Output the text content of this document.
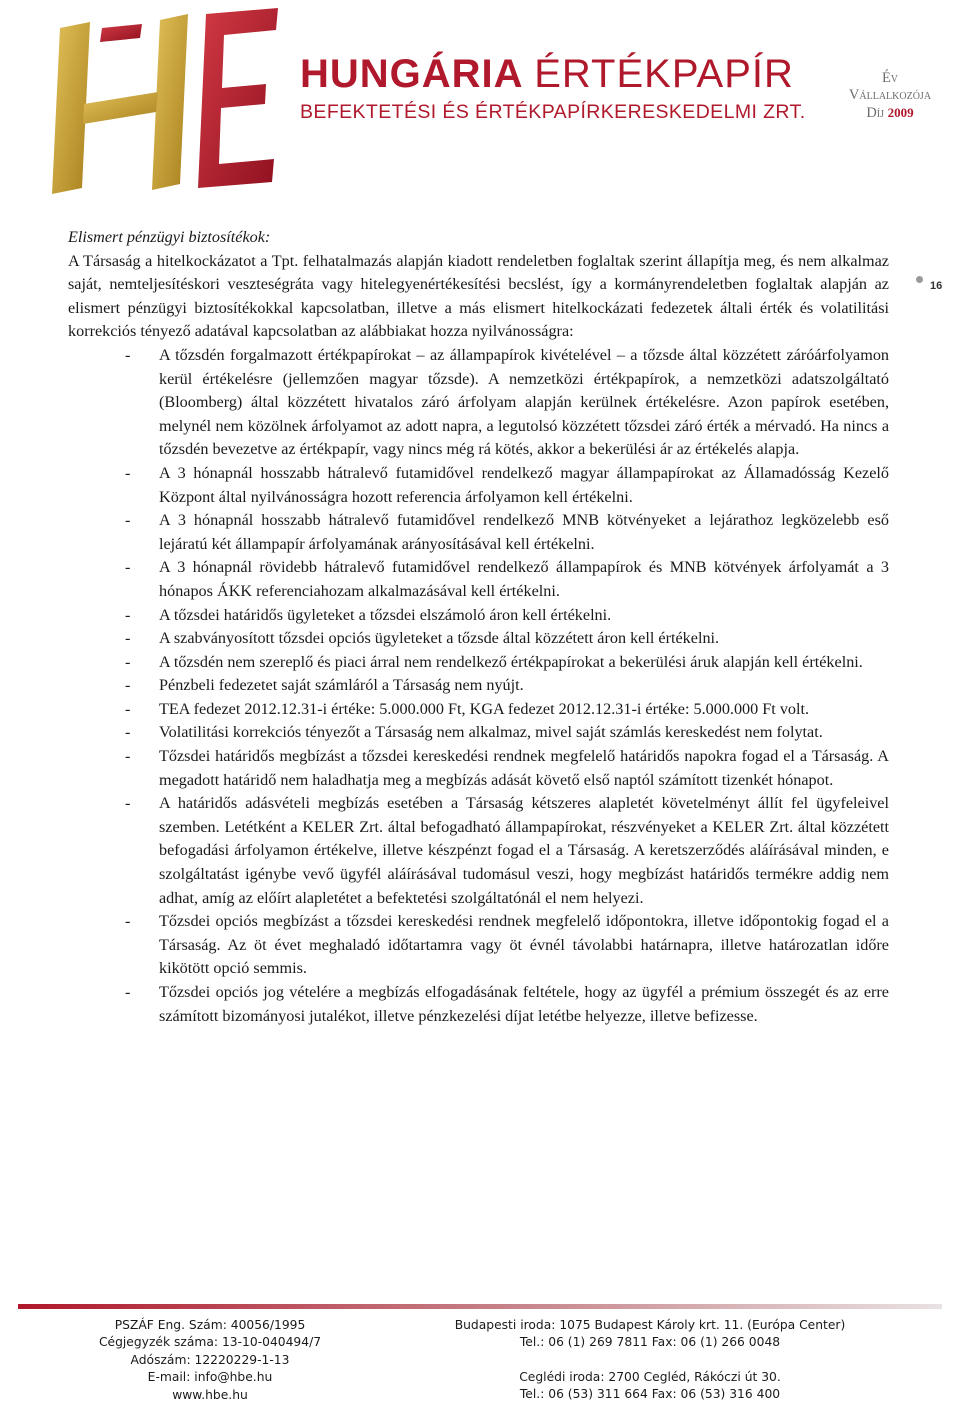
HUNGÁRIA ÉRTÉKPAPÍR
BEFEKTETÉSI ÉS ÉRTÉKPAPÍRKERESKEDELMI ZRT.
Év
Vállalkozója
Díj 2009
16

Elismert pénzügyi biztosítékok:

A Társaság a hitelkockázatot a Tpt. felhatalmazás alapján kiadott rendeletben foglaltak szerint állapítja meg, és nem alkalmaz saját, nemteljesítéskori veszteségráta vagy hitelegyenértékesítési becslést, így a kormányrendeletben foglaltak alapján az elismert pénzügyi biztosítékokkal kapcsolatban, illetve a más elismert hitelkockázati fedezetek általi érték és volatilitási korrekciós tényező adatával kapcsolatban az alábbiakat hozza nyilvánosságra:

- A tőzsdén forgalmazott értékpapírokat – az állampapírok kivételével – a tőzsde által közzétett záróárfolyamon kerül értékelésre (jellemzően magyar tőzsde). A nemzetközi értékpapírok, a nemzetközi adatszolgáltató (Bloomberg) által közzétett hivatalos záró árfolyam alapján kerülnek értékelésre. Azon papírok esetében, melynél nem közölnek árfolyamot az adott napra, a legutolsó közzétett tőzsdei záró érték a mérvadó. Ha nincs a tőzsdén bevezetve az értékpapír, vagy nincs még rá kötés, akkor a bekerülési ár az értékelés alapja.
- A 3 hónapnál hosszabb hátralevő futamidővel rendelkező magyar állampapírokat az Államadósság Kezelő Központ által nyilvánosságra hozott referencia árfolyamon kell értékelni.
- A 3 hónapnál hosszabb hátralevő futamidővel rendelkező MNB kötvényeket a lejárathoz legközelebb eső lejáratú két állampapír árfolyamának arányosításával kell értékelni.
- A 3 hónapnál rövidebb hátralevő futamidővel rendelkező állampapírok és MNB kötvények árfolyamát a 3 hónapos ÁKK referenciahozam alkalmazásával kell értékelni.
- A tőzsdei határidős ügyleteket a tőzsdei elszámoló áron kell értékelni.
- A szabványosított tőzsdei opciós ügyleteket a tőzsde által közzétett áron kell értékelni.
- A tőzsdén nem szereplő és piaci árral nem rendelkező értékpapírokat a bekerülési áruk alapján kell értékelni.
- Pénzbeli fedezetet saját számláról a Társaság nem nyújt.
- TEA fedezet 2012.12.31-i értéke: 5.000.000 Ft, KGA fedezet 2012.12.31-i értéke: 5.000.000 Ft volt.
- Volatilitási korrekciós tényezőt a Társaság nem alkalmaz, mivel saját számlás kereskedést nem folytat.
- Tőzsdei határidős megbízást a tőzsdei kereskedési rendnek megfelelő határidős napokra fogad el a Társaság. A megadott határidő nem haladhatja meg a megbízás adását követő első naptól számított tizenkét hónapot.
- A határidős adásvételi megbízás esetében a Társaság kétszeres alapletét követelményt állít fel ügyfeleivel szemben. Letétként a KELER Zrt. által befogadható állampapírokat, részvényeket a KELER Zrt. által közzétett befogadási árfolyamon értékelve, illetve készpénzt fogad el a Társaság. A keretszerződés aláírásával minden, e szolgáltatást igénybe vevő ügyfél aláírásával tudomásul veszi, hogy megbízást határidős termékre addig nem adhat, amíg az előírt alapletétet a befektetési szolgáltatónál el nem helyezi.
- Tőzsdei opciós megbízást a tőzsdei kereskedési rendnek megfelelő időpontokra, illetve időpontokig fogad el a Társaság. Az öt évet meghaladó időtartamra vagy öt évnél távolabbi határnapra, illetve határozatlan időre kikötött opció semmis.
- Tőzsdei opciós jog vételére a megbízás elfogadásának feltétele, hogy az ügyfél a prémium összegét és az erre számított bizományosi jutalékot, illetve pénzkezelési díjat letétbe helyezze, illetve befizesse.
PSZÁF Eng. Szám: 40056/1995
Cégjegyzék száma: 13-10-040494/7
Adószám: 12220229-1-13
E-mail: info@hbe.hu
www.hbe.hu
Budapesti iroda: 1075 Budapest Károly krt. 11. (Európa Center)
Tel.: 06 (1) 269 7811 Fax: 06 (1) 266 0048
Ceglédi iroda: 2700 Cegléd, Rákóczi út 30.
Tel.: 06 (53) 311 664 Fax: 06 (53) 316 400
